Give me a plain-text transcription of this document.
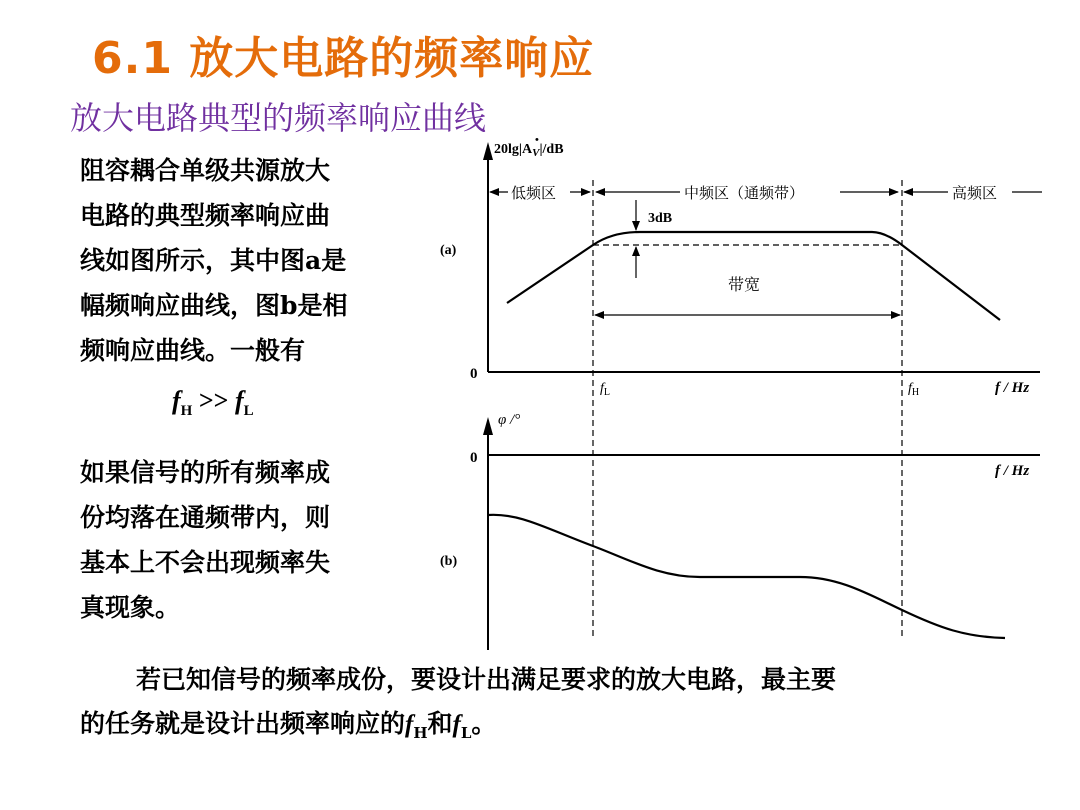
6.1 放大电路的频率响应
放大电路典型的频率响应曲线
阻容耦合单级共源放大
电路的典型频率响应曲
线如图所示，其中图a是
幅频响应曲线，图b是相
频响应曲线。一般有
$f_H >> f_L$
如果信号的所有频率成
份均落在通频带内，则
基本上不会出现频率失
真现象。
若已知信号的频率成份，要设计出满足要求的放大电路，最主要
的任务就是设计出频率响应的$f_H$和$f_L$。
$20\lg|A_V|/dB$
•
(a)
0
低频区	中频区（通频带）	高频区
3dB
带宽
$f_L$	$f_H$	f / Hz
φ /°
0
f / Hz
(b)
